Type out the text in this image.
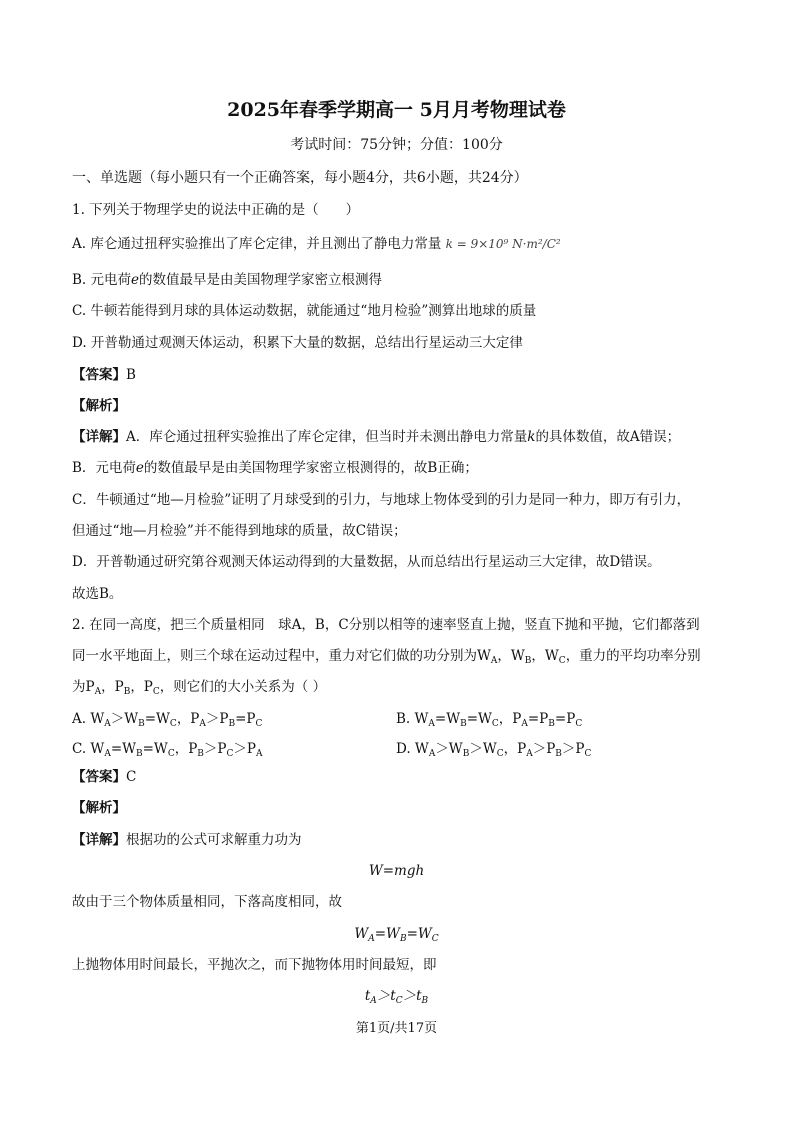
2025年春季学期高一 5月月考物理试卷
考试时间：75分钟；分值：100分
一、单选题（每小题只有一个正确答案，每小题4分，共6小题，共24分）
1. 下列关于物理学史的说法中正确的是（　　）
A. 库仑通过扭秤实验推出了库仑定律，并且测出了静电力常量 k = 9×10⁹ N·m²/C²
B. 元电荷e的数值最早是由美国物理学家密立根测得
C. 牛顿若能得到月球的具体运动数据，就能通过“地月检验”测算出地球的质量
D. 开普勒通过观测天体运动，积累下大量的数据，总结出行星运动三大定律
【答案】B
【解析】
【详解】A．库仑通过扭秤实验推出了库仑定律，但当时并未测出静电力常量k的具体数值，故A错误；
B．元电荷e的数值最早是由美国物理学家密立根测得的，故B正确；
C．牛顿通过“地—月检验”证明了月球受到的引力，与地球上物体受到的引力是同一种力，即万有引力，
但通过“地—月检验”并不能得到地球的质量，故C错误；
D．开普勒通过研究第谷观测天体运动得到的大量数据，从而总结出行星运动三大定律，故D错误。
故选B。
2. 在同一高度，把三个质量相同　球A，B，C分别以相等的速率竖直上抛，竖直下抛和平抛，它们都落到
同一水平地面上，则三个球在运动过程中，重力对它们做的功分别为$W_A$，$W_B$，$W_C$，重力的平均功率分别
为$P_A$，$P_B$，$P_C$，则它们的大小关系为（ ）
A. $W_A>W_B=W_C$，$P_A>P_B=P_C$	B. $W_A=W_B=W_C$，$P_A=P_B=P_C$
C. $W_A=W_B=W_C$，$P_B>P_C>P_A$	D. $W_A>W_B>W_C$，$P_A>P_B>P_C$
【答案】C
【解析】
【详解】根据功的公式可求解重力功为
W=mgh
故由于三个物体质量相同，下落高度相同，故
$W_A=W_B=W_C$
上抛物体用时间最长，平抛次之，而下抛物体用时间最短，即
$t_A>t_C>t_B$
第1页/共17页
